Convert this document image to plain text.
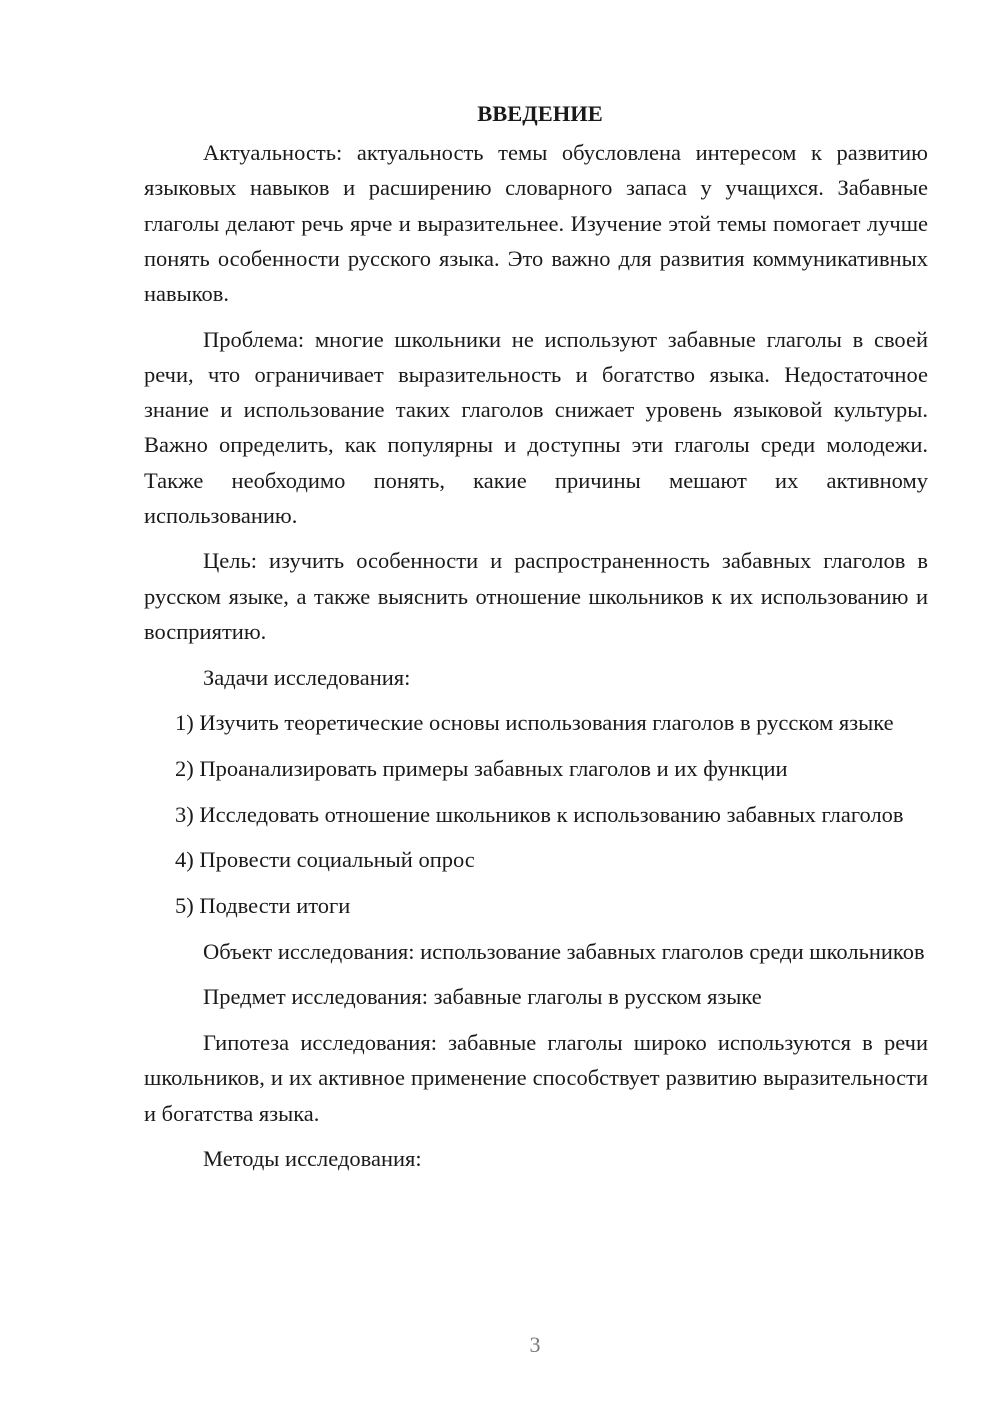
ВВЕДЕНИЕ

Актуальность: актуальность темы обусловлена интересом к развитию языковых навыков и расширению словарного запаса у учащихся. Забавные глаголы делают речь ярче и выразительнее. Изучение этой темы помогает лучше понять особенности русского языка. Это важно для развития коммуникативных навыков.

Проблема: многие школьники не используют забавные глаголы в своей речи, что ограничивает выразительность и богатство языка. Недостаточное знание и использование таких глаголов снижает уровень языковой культуры. Важно определить, как популярны и доступны эти глаголы среди молодежи. Также необходимо понять, какие причины мешают их активному использованию.

Цель: изучить особенности и распространенность забавных глаголов в русском языке, а также выяснить отношение школьников к их использованию и восприятию.

Задачи исследования:

1) Изучить теоретические основы использования глаголов в русском языке

2) Проанализировать примеры забавных глаголов и их функции

3) Исследовать отношение школьников к использованию забавных глаголов

4) Провести социальный опрос

5) Подвести итоги

Объект исследования: использование забавных глаголов среди школьников

Предмет исследования: забавные глаголы в русском языке

Гипотеза исследования: забавные глаголы широко используются в речи школьников, и их активное применение способствует развитию выразительности и богатства языка.

Методы исследования:

3
